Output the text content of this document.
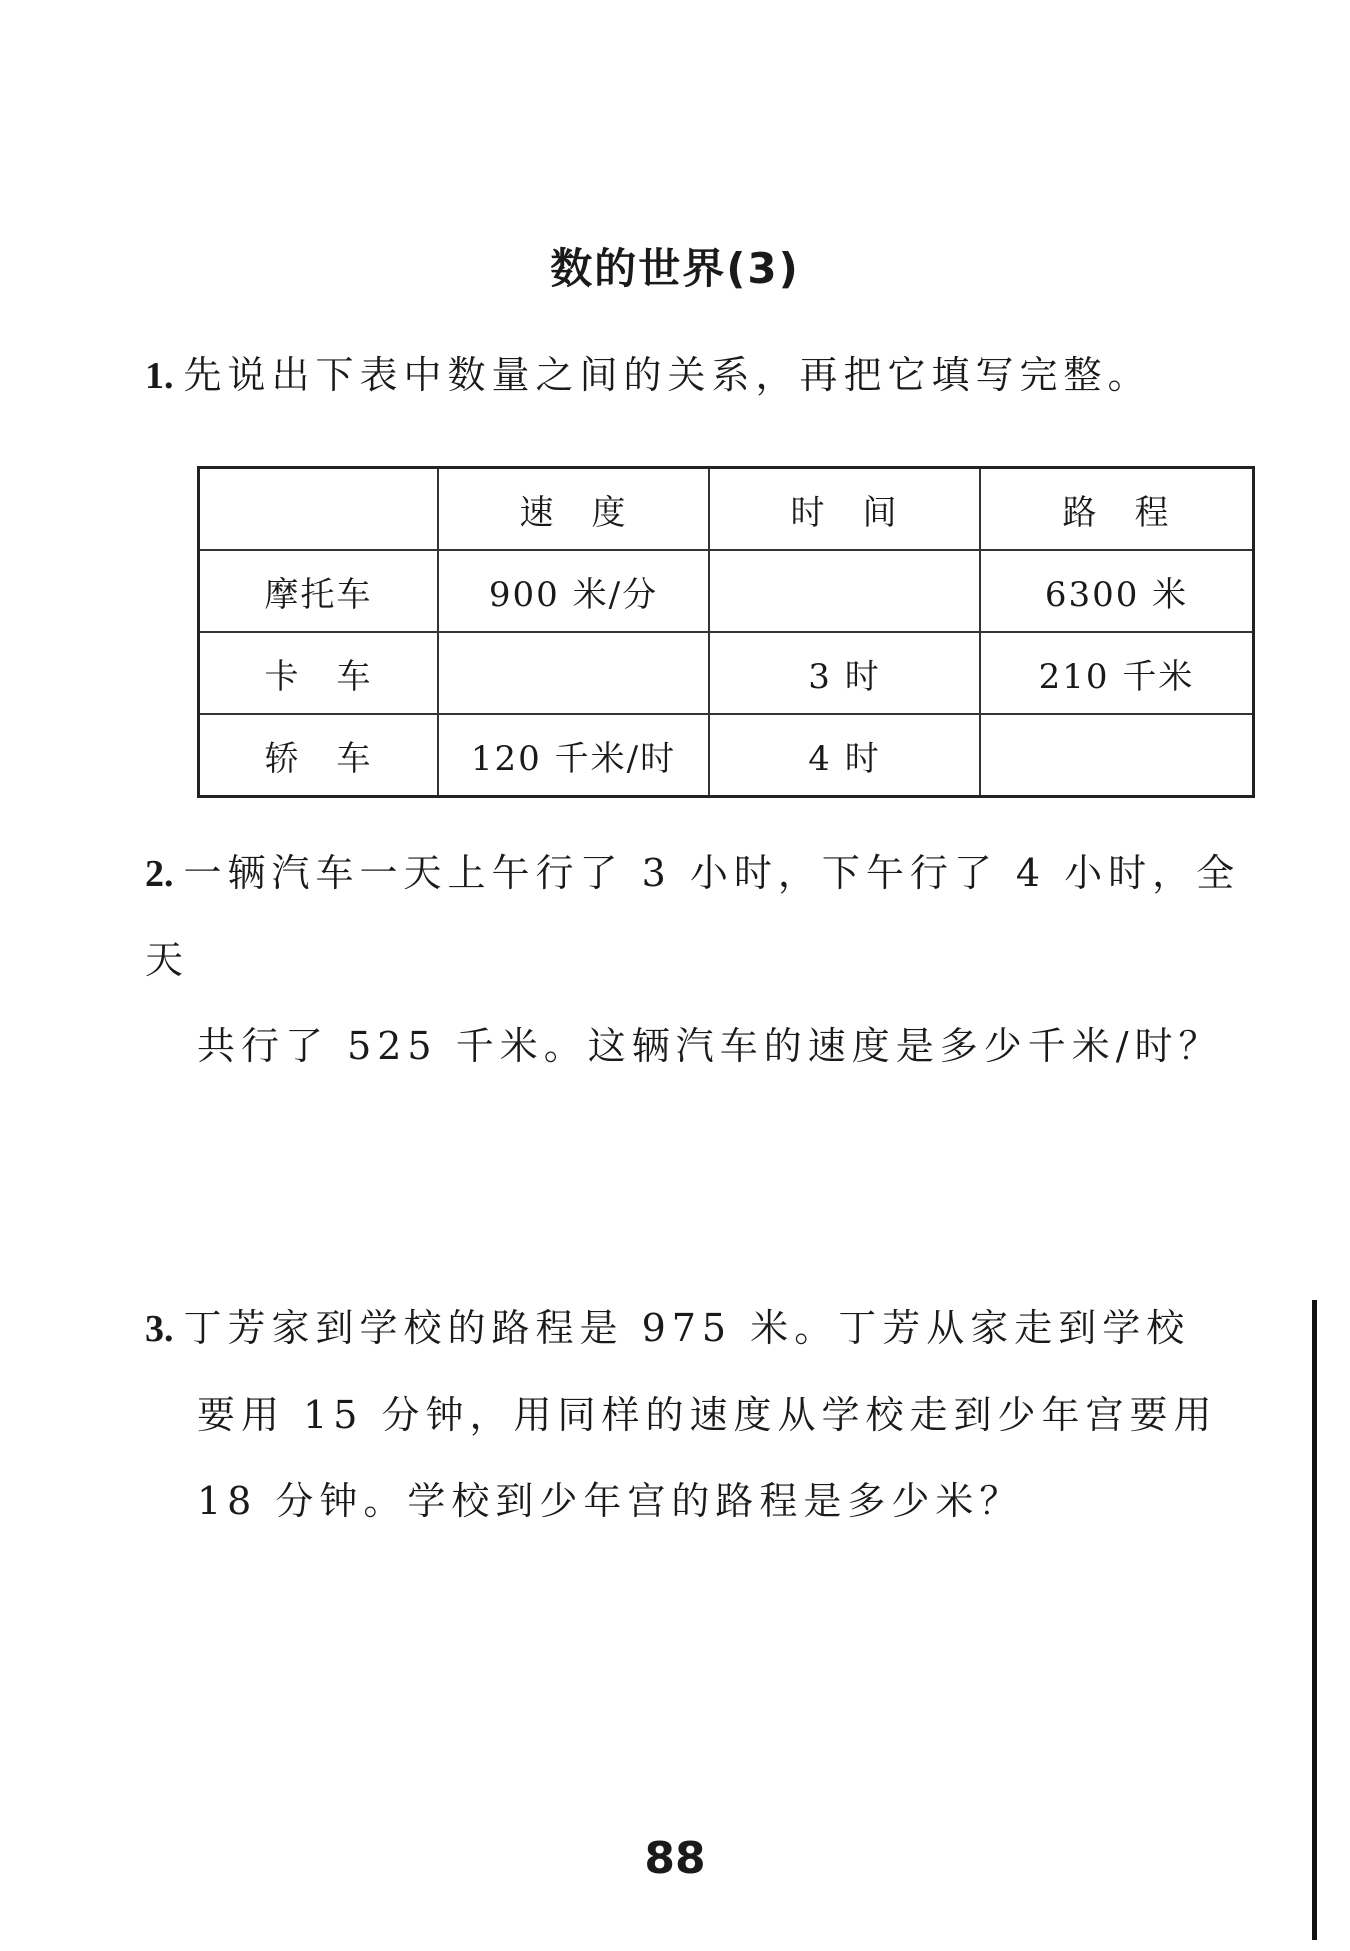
数的世界(3)
1. 先说出下表中数量之间的关系，再把它填写完整。
	速　度	时　间	路　程
摩托车	900 米/分		6300 米
卡　车		3 时	210 千米
轿　车	120 千米/时	4 时	
2. 一辆汽车一天上午行了 3 小时，下午行了 4 小时，全天
共行了 525 千米。这辆汽车的速度是多少千米/时？
3. 丁芳家到学校的路程是 975 米。丁芳从家走到学校
要用 15 分钟，用同样的速度从学校走到少年宫要用
18 分钟。学校到少年宫的路程是多少米？
88
